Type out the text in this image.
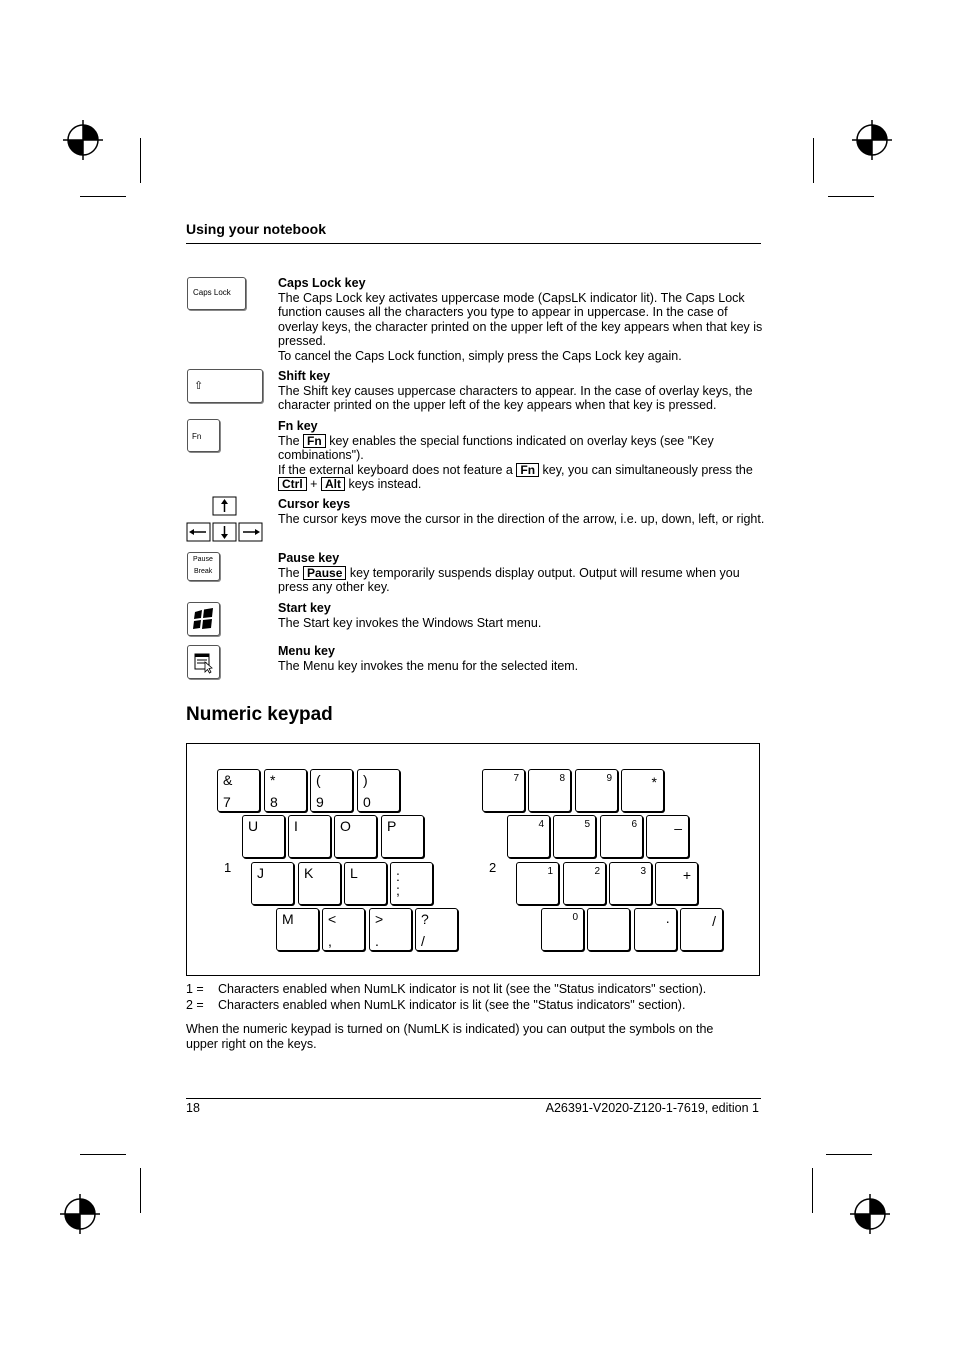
Using your notebook
Caps Lock
Caps Lock key
The Caps Lock key activates uppercase mode (CapsLK indicator lit). The Caps Lock function causes all the characters you type to appear in uppercase. In the case of overlay keys, the character printed on the upper left of the key appears when that key is pressed.
To cancel the Caps Lock function, simply press the Caps Lock key again.
⇧
Shift key
The Shift key causes uppercase characters to appear. In the case of overlay keys, the character printed on the upper left of the key appears when that key is pressed.
Fn
Fn key
The Fn key enables the special functions indicated on overlay keys (see "Key combinations").
If the external keyboard does not feature a Fn key, you can simultaneously press the Ctrl + Alt keys instead.
Cursor keys
The cursor keys move the cursor in the direction of the arrow, i.e. up, down, left, or right.
Pause
Break
Pause key
The Pause key temporarily suspends display output. Output will resume when you press any other key.
Start key
The Start key invokes the Windows Start menu.
Menu key
The Menu key invokes the menu for the selected item.
Numeric keypad
1	2
&
7
*
8
(
9
)
0
U	I	O	P
J	K	L	:
;
M <
,
>
.
?
/
7	8	9	*
4	5	6	–
1	2	3	+
0	·	/
1 = Characters enabled when NumLK indicator is not lit (see the "Status indicators" section).
2 = Characters enabled when NumLK indicator is lit (see the "Status indicators" section).
When the numeric keypad is turned on (NumLK is indicated) you can output the symbols on the upper right on the keys.
18	A26391-V2020-Z120-1-7619, edition 1
